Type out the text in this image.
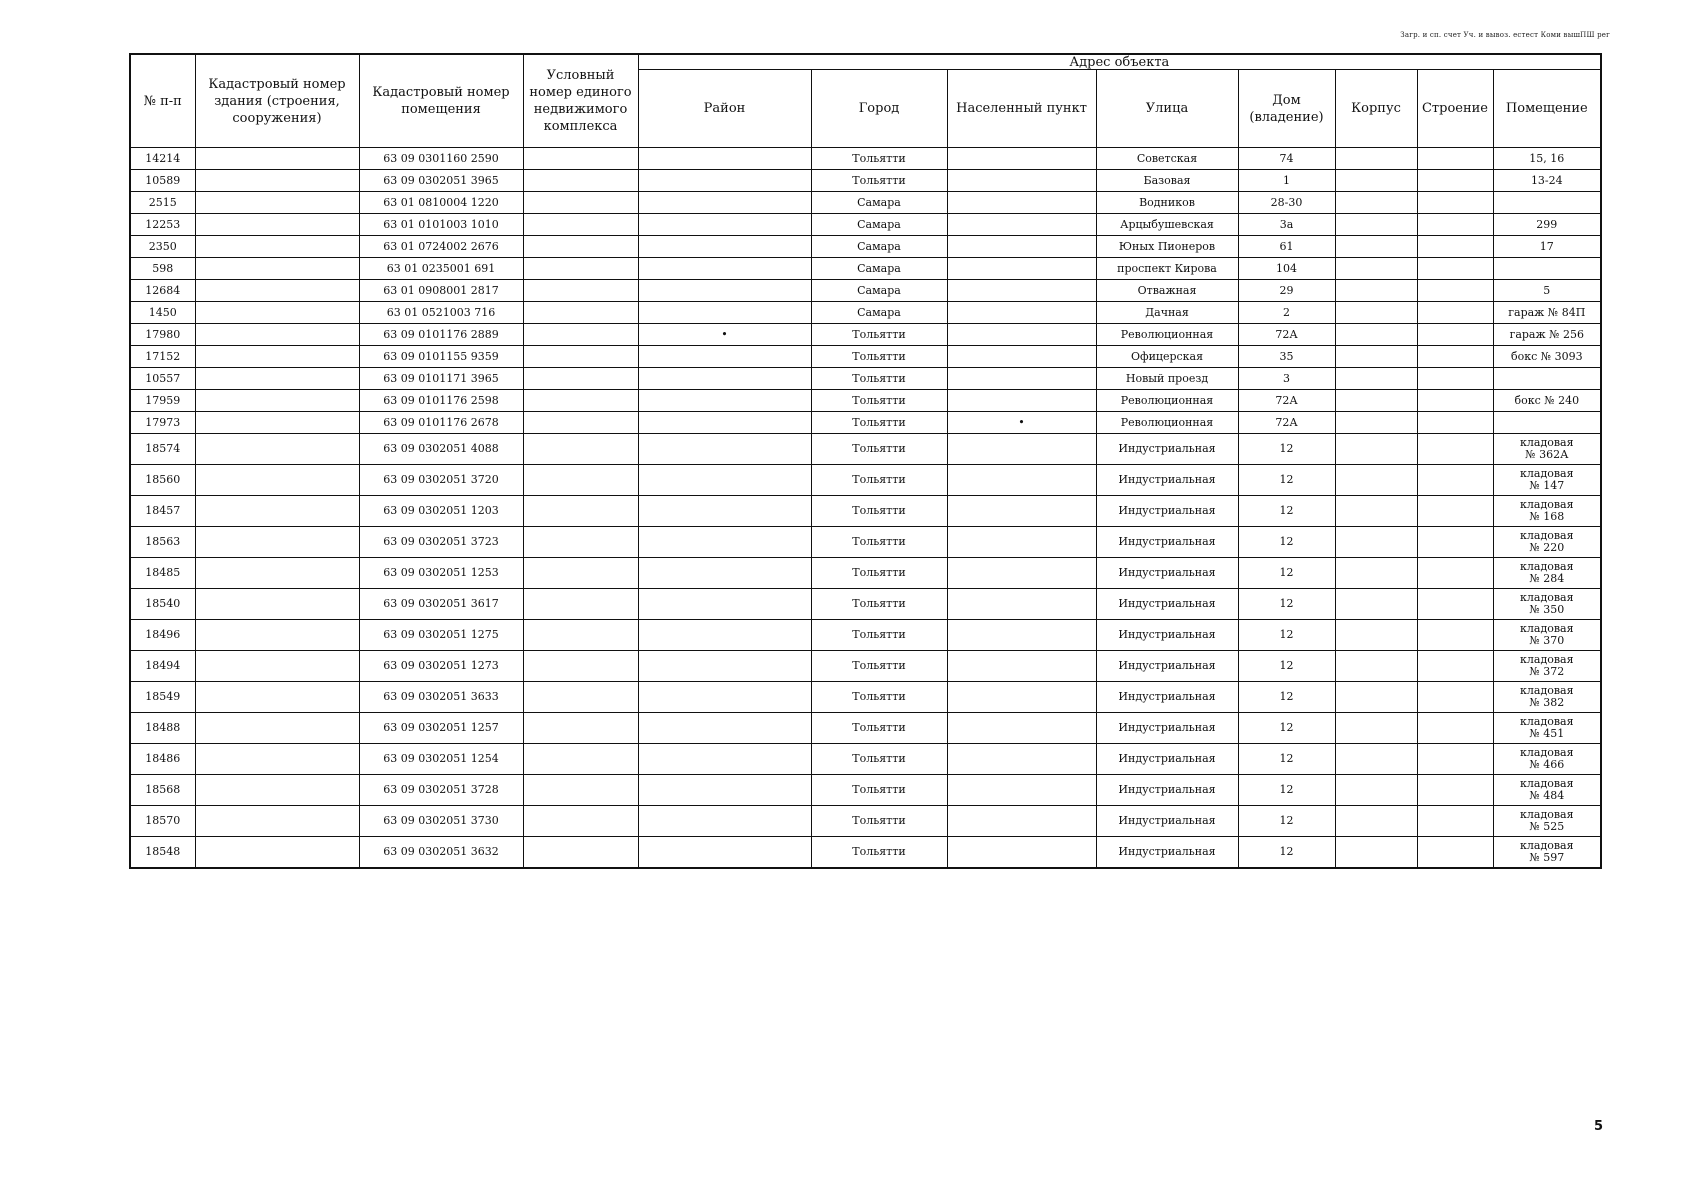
Загр. и сп. счет Уч. и вывоз. естест Коми вышПШ рег
№ п-п	Кадастровый номер здания (строения, сооружения)	Кадастровый номер помещения	Условный номер единого недвижимого комплекса	Адрес объекта							
				Район	Город	Населенный пункт	Улица	Дом (владение)	Корпус	Строение	Помещение
14214		63 09 0301160 2590			Тольятти		Советская	74			15, 16

10589		63 09 0302051 3965			Тольятти		Базовая	1			13-24

2515		63 01 0810004 1220			Самара		Водников	28-30			

12253		63 01 0101003 1010			Самара		Арцыбушевская	3а			299

2350		63 01 0724002 2676			Самара		Юных Пионеров	61			17

598		63 01 0235001 691			Самара		проспект Кирова	104			

12684		63 01 0908001 2817			Самара		Отважная	29			5

1450		63 01 0521003 716			Самара		Дачная	2			гараж № 84П

17980		63 09 0101176 2889		•	Тольятти		Революционная	72А			гараж № 256

17152		63 09 0101155 9359			Тольятти		Офицерская	35			бокс № 3093

10557		63 09 0101171 3965			Тольятти		Новый проезд	3			

17959		63 09 0101176 2598			Тольятти		Революционная	72А			бокс № 240

17973		63 09 0101176 2678			Тольятти	•	Революционная	72А			

18574		63 09 0302051 4088			Тольятти		Индустриальная	12			кладовая
№ 362А

18560		63 09 0302051 3720			Тольятти		Индустриальная	12			кладовая
№ 147

18457		63 09 0302051 1203			Тольятти		Индустриальная	12			кладовая
№ 168

18563		63 09 0302051 3723			Тольятти		Индустриальная	12			кладовая
№ 220

18485		63 09 0302051 1253			Тольятти		Индустриальная	12			кладовая
№ 284

18540		63 09 0302051 3617			Тольятти		Индустриальная	12			кладовая
№ 350

18496		63 09 0302051 1275			Тольятти		Индустриальная	12			кладовая
№ 370

18494		63 09 0302051 1273			Тольятти		Индустриальная	12			кладовая
№ 372

18549		63 09 0302051 3633			Тольятти		Индустриальная	12			кладовая
№ 382

18488		63 09 0302051 1257			Тольятти		Индустриальная	12			кладовая
№ 451

18486		63 09 0302051 1254			Тольятти		Индустриальная	12			кладовая
№ 466

18568		63 09 0302051 3728			Тольятти		Индустриальная	12			кладовая
№ 484

18570		63 09 0302051 3730			Тольятти		Индустриальная	12			кладовая
№ 525

18548		63 09 0302051 3632			Тольятти		Индустриальная	12			кладовая
№ 597
5
